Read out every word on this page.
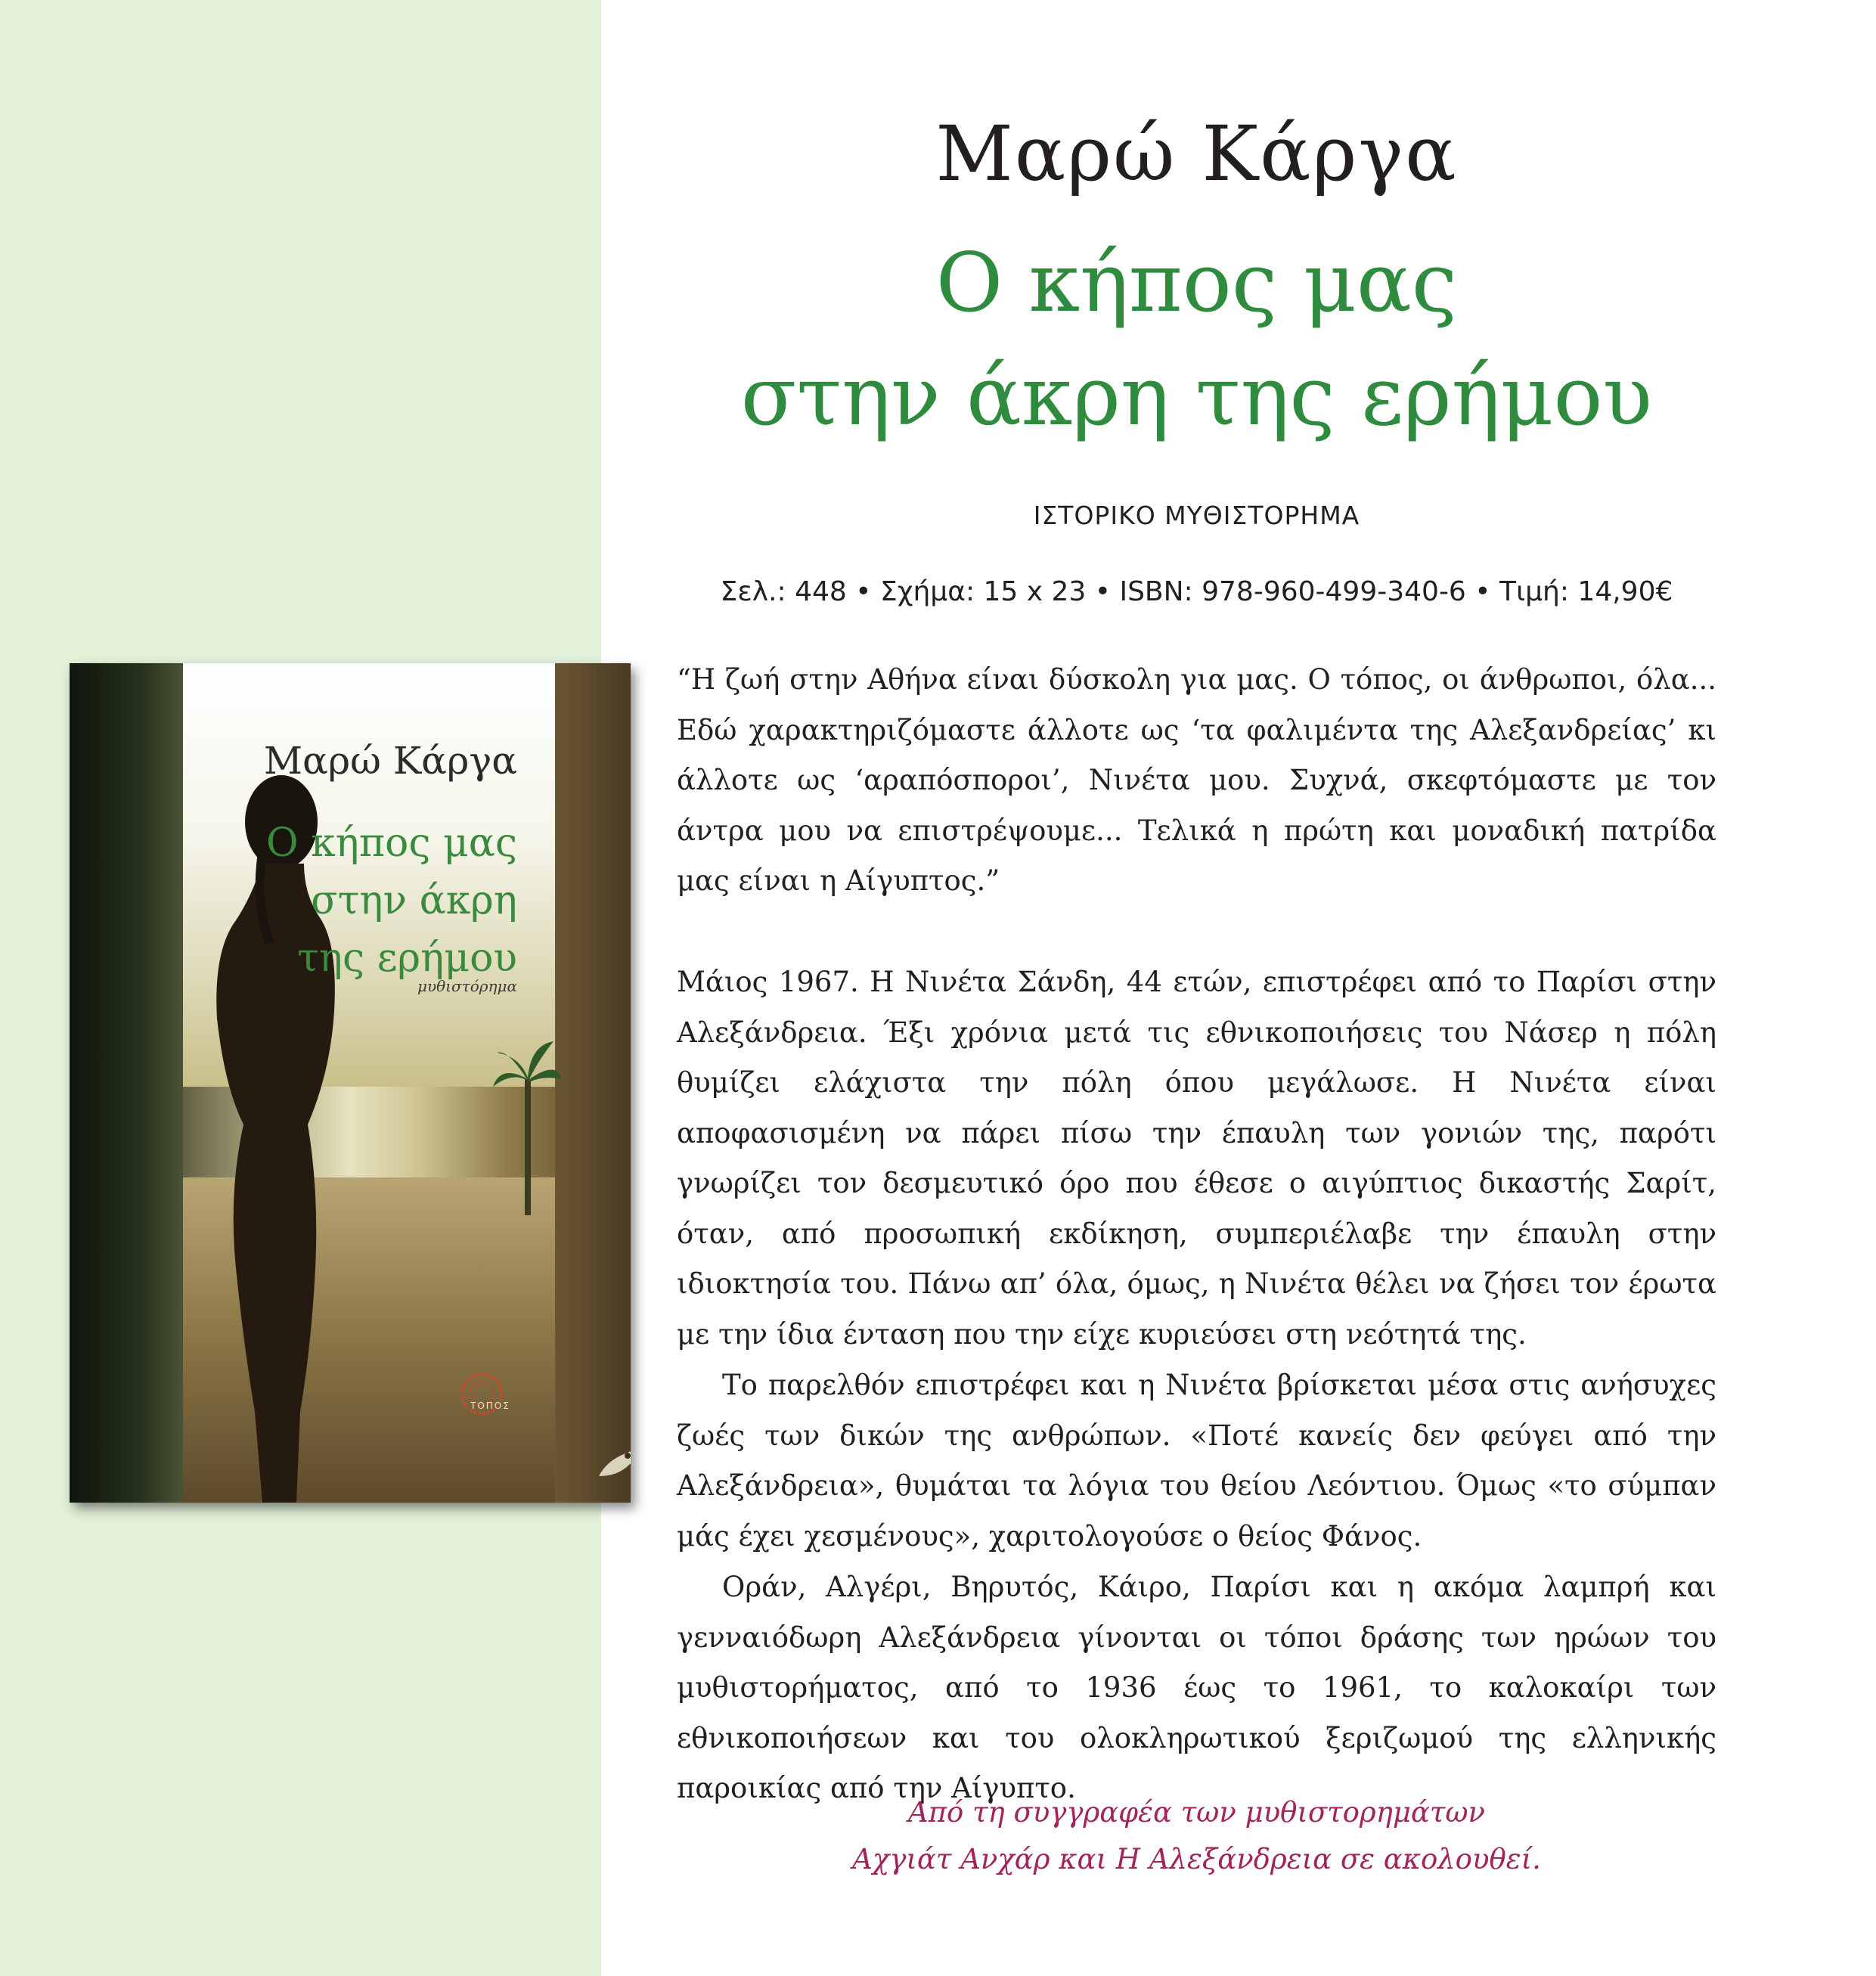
Μαρώ Κάργα
Ο κήπος μας
στην άκρη
της ερήμου
μυθιστόρημα
ΤΟΠΟΣ
Μαρώ Κάργα
Ο κήπος μας
στην άκρη της ερήμου
ΙΣΤΟΡΙΚΟ ΜΥΘΙΣΤΟΡΗΜΑ
Σελ.: 448 • Σχήμα: 15 x 23 • ISBN: 978-960-499-340-6 • Τιμή: 14,90€
“Η ζωή στην Αθήνα είναι δύσκολη για μας. Ο τόπος, οι άνθρωποι, όλα... Εδώ χαρακτηριζόμαστε άλλοτε ως ‘τα φαλιμέντα της Αλεξανδρείας’ κι άλλοτε ως ‘αραπόσποροι’, Νινέτα μου. Συχνά, σκεφτόμαστε με τον άντρα μου να επιστρέψουμε... Τελικά η πρώτη και μοναδική πατρίδα μας είναι η Αίγυπτος.”
Μάιος 1967. Η Νινέτα Σάνδη, 44 ετών, επιστρέφει από το Παρίσι στην Αλεξάνδρεια. Έξι χρόνια μετά τις εθνικοποιήσεις του Νάσερ η πόλη θυμίζει ελάχιστα την πόλη όπου μεγάλωσε. Η Νινέτα είναι αποφασισμένη να πάρει πίσω την έπαυλη των γονιών της, παρότι γνωρίζει τον δεσμευτικό όρο που έθεσε ο αιγύπτιος δικαστής Σαρίτ, όταν, από προσωπική εκδίκηση, συμπεριέλαβε την έπαυλη στην ιδιοκτησία του. Πάνω απ’ όλα, όμως, η Νινέτα θέλει να ζήσει τον έρωτα με την ίδια ένταση που την είχε κυριεύσει στη νεότητά της.
Το παρελθόν επιστρέφει και η Νινέτα βρίσκεται μέσα στις ανήσυχες ζωές των δικών της ανθρώπων. «Ποτέ κανείς δεν φεύγει από την Αλεξάνδρεια», θυμάται τα λόγια του θείου Λεόντιου. Όμως «το σύμπαν μάς έχει χεσμένους», χαριτολογούσε ο θείος Φάνος.
Οράν, Αλγέρι, Βηρυτός, Κάιρο, Παρίσι και η ακόμα λαμπρή και γενναιόδωρη Αλεξάνδρεια γίνονται οι τόποι δράσης των ηρώων του μυθιστορήματος, από το 1936 έως το 1961, το καλοκαίρι των εθνικοποιήσεων και του ολοκληρωτικού ξεριζωμού της ελληνικής παροικίας από την Αίγυπτο.
Από τη συγγραφέα των μυθιστορημάτων
Αχγιάτ Ανχάρ και Η Αλεξάνδρεια σε ακολουθεί.
